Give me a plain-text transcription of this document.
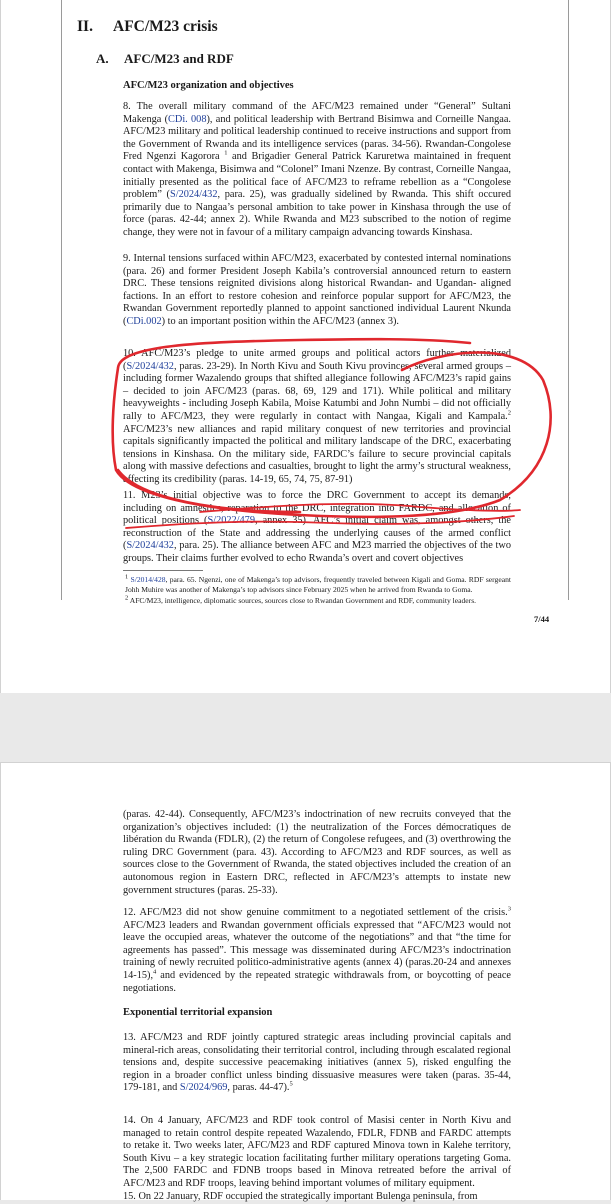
II. AFC/M23 crisis
A. AFC/M23 and RDF
AFC/M23 organization and objectives

8. The overall military command of the AFC/M23 remained under “General” Sultani Makenga (CDi. 008), and political leadership with Bertrand Bisimwa and Corneille Nangaa. AFC/M23 military and political leadership continued to receive instructions and support from the Government of Rwanda and its intelligence services (paras. 34-56). Rwandan-Congolese Fred Ngenzi Kagorora $^1$ and Brigadier General Patrick Karuretwa maintained in frequent contact with Makenga, Bisimwa and “Colonel” Imani Nzenze. By contrast, Corneille Nangaa, initially presented as the political face of AFC/M23 to reframe rebellion as a “Congolese problem” (S/2024/432, para. 25), was gradually sidelined by Rwanda. This shift occured primarily due to Nangaa’s personal ambition to take power in Kinshasa through the use of force (paras. 42-44; annex 2). While Rwanda and M23 subscribed to the notion of regime change, they were not in favour of a military campaign advancing towards Kinshasa.

9. Internal tensions surfaced within AFC/M23, exacerbated by contested internal nominations (para. 26) and former President Joseph Kabila’s controversial announced return to eastern DRC. These tensions reignited divisions along historical Rwandan- and Ugandan- aligned factions. In an effort to restore cohesion and reinforce popular support for AFC/M23, the Rwandan Government reportedly planned to appoint sanctioned individual Laurent Nkunda (CDi.002) to an important position within the AFC/M23 (annex 3).

10. AFC/M23’s pledge to unite armed groups and political actors further materialized (S/2024/432, paras. 23-29). In North Kivu and South Kivu provinces, several armed groups – including former Wazalendo groups that shifted allegiance following AFC/M23’s rapid gains – decided to join AFC/M23 (paras. 68, 69, 129 and 171). While political and military heavyweights - including Joseph Kabila, Moise Katumbi and John Numbi – did not officially rally to AFC/M23, they were regularly in contact with Nangaa, Kigali and Kampala.$^2$ AFC/M23’s new alliances and rapid military conquest of new territories and provincial capitals significantly impacted the political and military landscape of the DRC, exacerbating tensions in Kinshasa. On the military side, FARDC’s failure to secure provincial capitals along with massive defections and casualties, brought to light the army’s structural weakness, affecting its credibility (paras. 14-19, 65, 74, 75, 87-91)

11. M23’s initial objective was to force the DRC Government to accept its demands, including on amnesties, reparation to the DRC, integration into FARDC, and allocation of political positions (S/2022/479, annex 35). AFC’s initial claim was, amongst others, the reconstruction of the State and addressing the underlying causes of the armed conflict (S/2024/432, para. 25). The alliance between AFC and M23 married the objectives of the two groups. Their claims further evolved to echo Rwanda’s overt and covert objectives

$^1$ S/2014/428, para. 65. Ngenzi, one of Makenga’s top advisors, frequently traveled between Kigali and Goma. RDF sergeant Johh Muhire was another of Makenga’s top advisors since February 2025 when he arrived from Rwanda to Goma.

$^2$ AFC/M23, intelligence, diplomatic sources, sources close to Rwandan Government and RDF, community leaders.

7/44

(paras. 42-44). Consequently, AFC/M23’s indoctrination of new recruits conveyed that the organization’s objectives included: (1) the neutralization of the Forces démocratiques de libération du Rwanda (FDLR), (2) the return of Congolese refugees, and (3) overthrowing the ruling DRC Government (para. 43). According to AFC/M23 and RDF sources, as well as sources close to the Government of Rwanda, the stated objectives included the creation of an autonomous region in Eastern DRC, reflected in AFC/M23’s attempts to instate new government structures (paras. 25-33).

12. AFC/M23 did not show genuine commitment to a negotiated settlement of the crisis.$^3$ AFC/M23 leaders and Rwandan government officials expressed that “AFC/M23 would not leave the occupied areas, whatever the outcome of the negotiations” and that “the time for agreements has passed”. This message was disseminated during AFC/M23’s indoctrination training of newly recruited politico-administrative agents (annex 4) (paras.20-24 and annexes 14-15),$^4$ and evidenced by the repeated strategic withdrawals from, or boycotting of peace negotiations.

Exponential territorial expansion

13. AFC/M23 and RDF jointly captured strategic areas including provincial capitals and mineral-rich areas, consolidating their territorial control, including through escalated regional tensions and, despite successive peacemaking initiatives (annex 5), risked engulfing the region in a broader conflict unless binding dissuasive measures were taken (paras. 35-44, 179-181, and S/2024/969, paras. 44-47).$^5$

14. On 4 January, AFC/M23 and RDF took control of Masisi center in North Kivu and managed to retain control despite repeated Wazalendo, FDLR, FDNB and FARDC attempts to retake it. Two weeks later, AFC/M23 and RDF captured Minova town in Kalehe territory, South Kivu – a key strategic location facilitating further military operations targeting Goma. The 2,500 FARDC and FDNB troops based in Minova retreated before the arrival of AFC/M23 and RDF troops, leaving behind important volumes of military equipment.

15. On 22 January, RDF occupied the strategically important Bulenga peninsula, from
